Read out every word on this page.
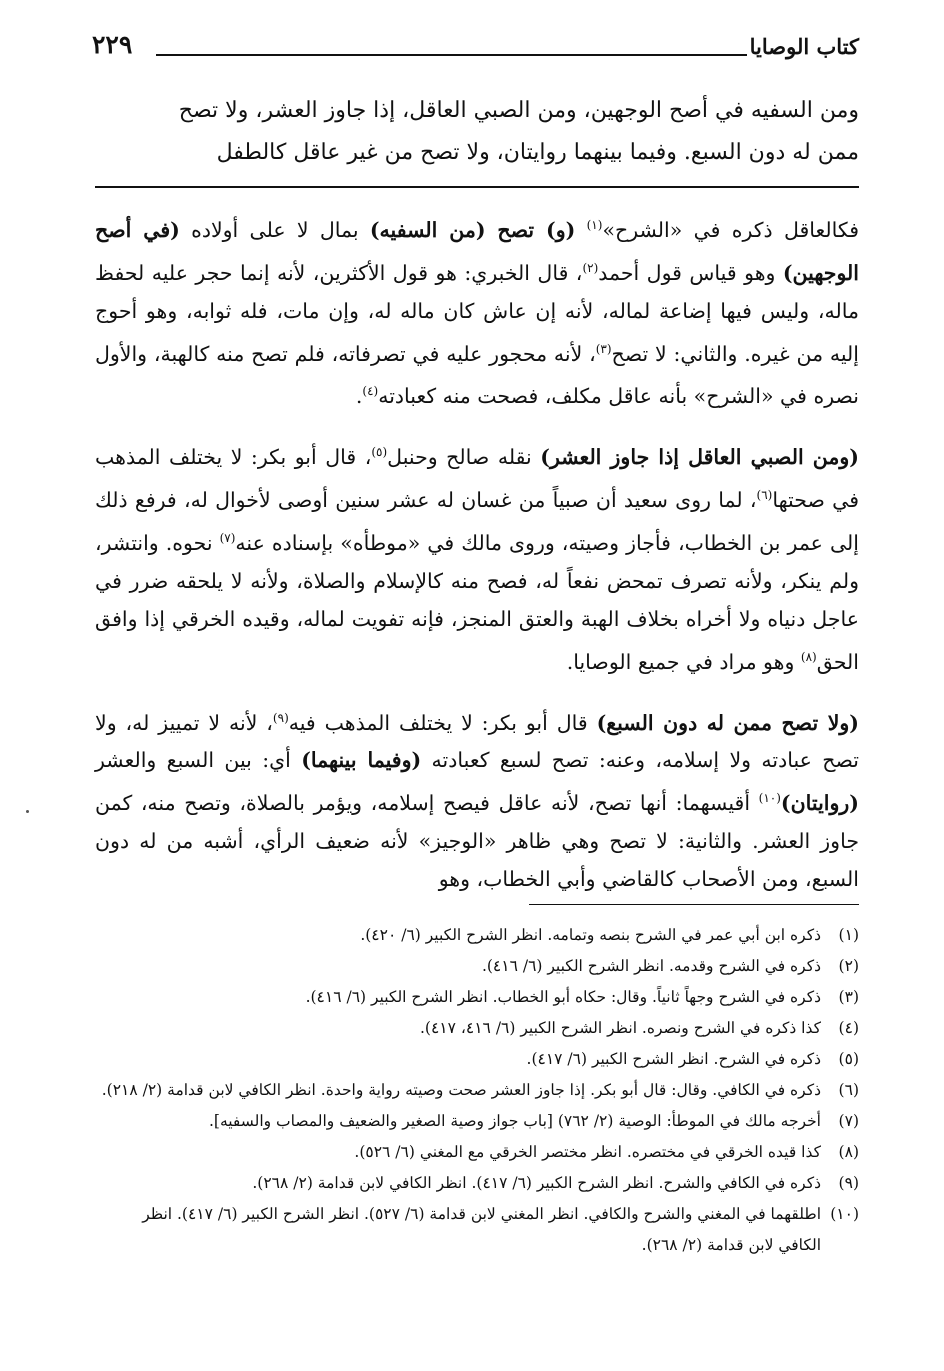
كتاب الوصايا
٢٢٩
ومن السفيه في أصح الوجهين، ومن الصبي العاقل، إذا جاوز العشر، ولا تصح
ممن له دون السبع. وفيما بينهما روايتان، ولا تصح من غير عاقل كالطفل

فكالعاقل ذكره في «الشرح»$^{(١)}$ (و) تصح (من السفيه) بمال لا على أولاده (في أصح الوجهين) وهو قياس قول أحمد$^{(٢)}$، قال الخبري: هو قول الأكثرين، لأنه إنما حجر عليه لحفظ ماله، وليس فيها إضاعة لماله، لأنه إن عاش كان ماله له، وإن مات، فله ثوابه، وهو أحوج إليه من غيره. والثاني: لا تصح$^{(٣)}$، لأنه محجور عليه في تصرفاته، فلم تصح منه كالهبة، والأول نصره في «الشرح» بأنه عاقل مكلف، فصحت منه كعبادته$^{(٤)}$.

(ومن الصبي العاقل إذا جاوز العشر) نقله صالح وحنبل$^{(٥)}$، قال أبو بكر: لا يختلف المذهب في صحتها$^{(٦)}$، لما روى سعيد أن صبياً من غسان له عشر سنين أوصى لأخوال له، فرفع ذلك إلى عمر بن الخطاب، فأجاز وصيته، وروى مالك في «موطأه» بإسناده عنه$^{(٧)}$ نحوه. وانتشر، ولم ينكر، ولأنه تصرف تمحض نفعاً له، فصح منه كالإسلام والصلاة، ولأنه لا يلحقه ضرر في عاجل دنياه ولا أخراه بخلاف الهبة والعتق المنجز، فإنه تفويت لماله، وقيده الخرقي إذا وافق الحق$^{(٨)}$ وهو مراد في جميع الوصايا.

(ولا تصح ممن له دون السبع) قال أبو بكر: لا يختلف المذهب فيه$^{(٩)}$، لأنه لا تمييز له، ولا تصح عبادته ولا إسلامه، وعنه: تصح لسبع كعبادته (وفيما بينهما) أي: بين السبع والعشر (روايتان)$^{(١٠)}$ أقيسهما: أنها تصح، لأنه عاقل فيصح إسلامه، ويؤمر بالصلاة، وتصح منه، كمن جاوز العشر. والثانية: لا تصح وهي ظاهر «الوجيز» لأنه ضعيف الرأي، أشبه من له دون السبع، ومن الأصحاب كالقاضي وأبي الخطاب، وهو

(١)
ذكره ابن أبي عمر في الشرح بنصه وتمامه. انظر الشرح الكبير (٦/ ٤٢٠).
(٢)
ذكره في الشرح وقدمه. انظر الشرح الكبير (٦/ ٤١٦).
(٣)
ذكره في الشرح وجهاً ثانياً. وقال: حكاه أبو الخطاب. انظر الشرح الكبير (٦/ ٤١٦).
(٤)
كذا ذكره في الشرح ونصره. انظر الشرح الكبير (٦/ ٤١٦، ٤١٧).
(٥)
ذكره في الشرح. انظر الشرح الكبير (٦/ ٤١٧).
(٦)
ذكره في الكافي. وقال: قال أبو بكر. إذا جاوز العشر صحت وصيته رواية واحدة. انظر الكافي لابن قدامة (٢/ ٢١٨).
(٧)
أخرجه مالك في الموطأ: الوصية (٢/ ٧٦٢) [باب جواز وصية الصغير والضعيف والمصاب والسفيه].
(٨)
كذا قيده الخرقي في مختصره. انظر مختصر الخرقي مع المغني (٦/ ٥٢٦).
(٩)
ذكره في الكافي والشرح. انظر الشرح الكبير (٦/ ٤١٧). انظر الكافي لابن قدامة (٢/ ٢٦٨).
(١٠)
اطلقهما في المغني والشرح والكافي. انظر المغني لابن قدامة (٦/ ٥٢٧). انظر الشرح الكبير (٦/ ٤١٧). انظر الكافي لابن قدامة (٢/ ٢٦٨).
